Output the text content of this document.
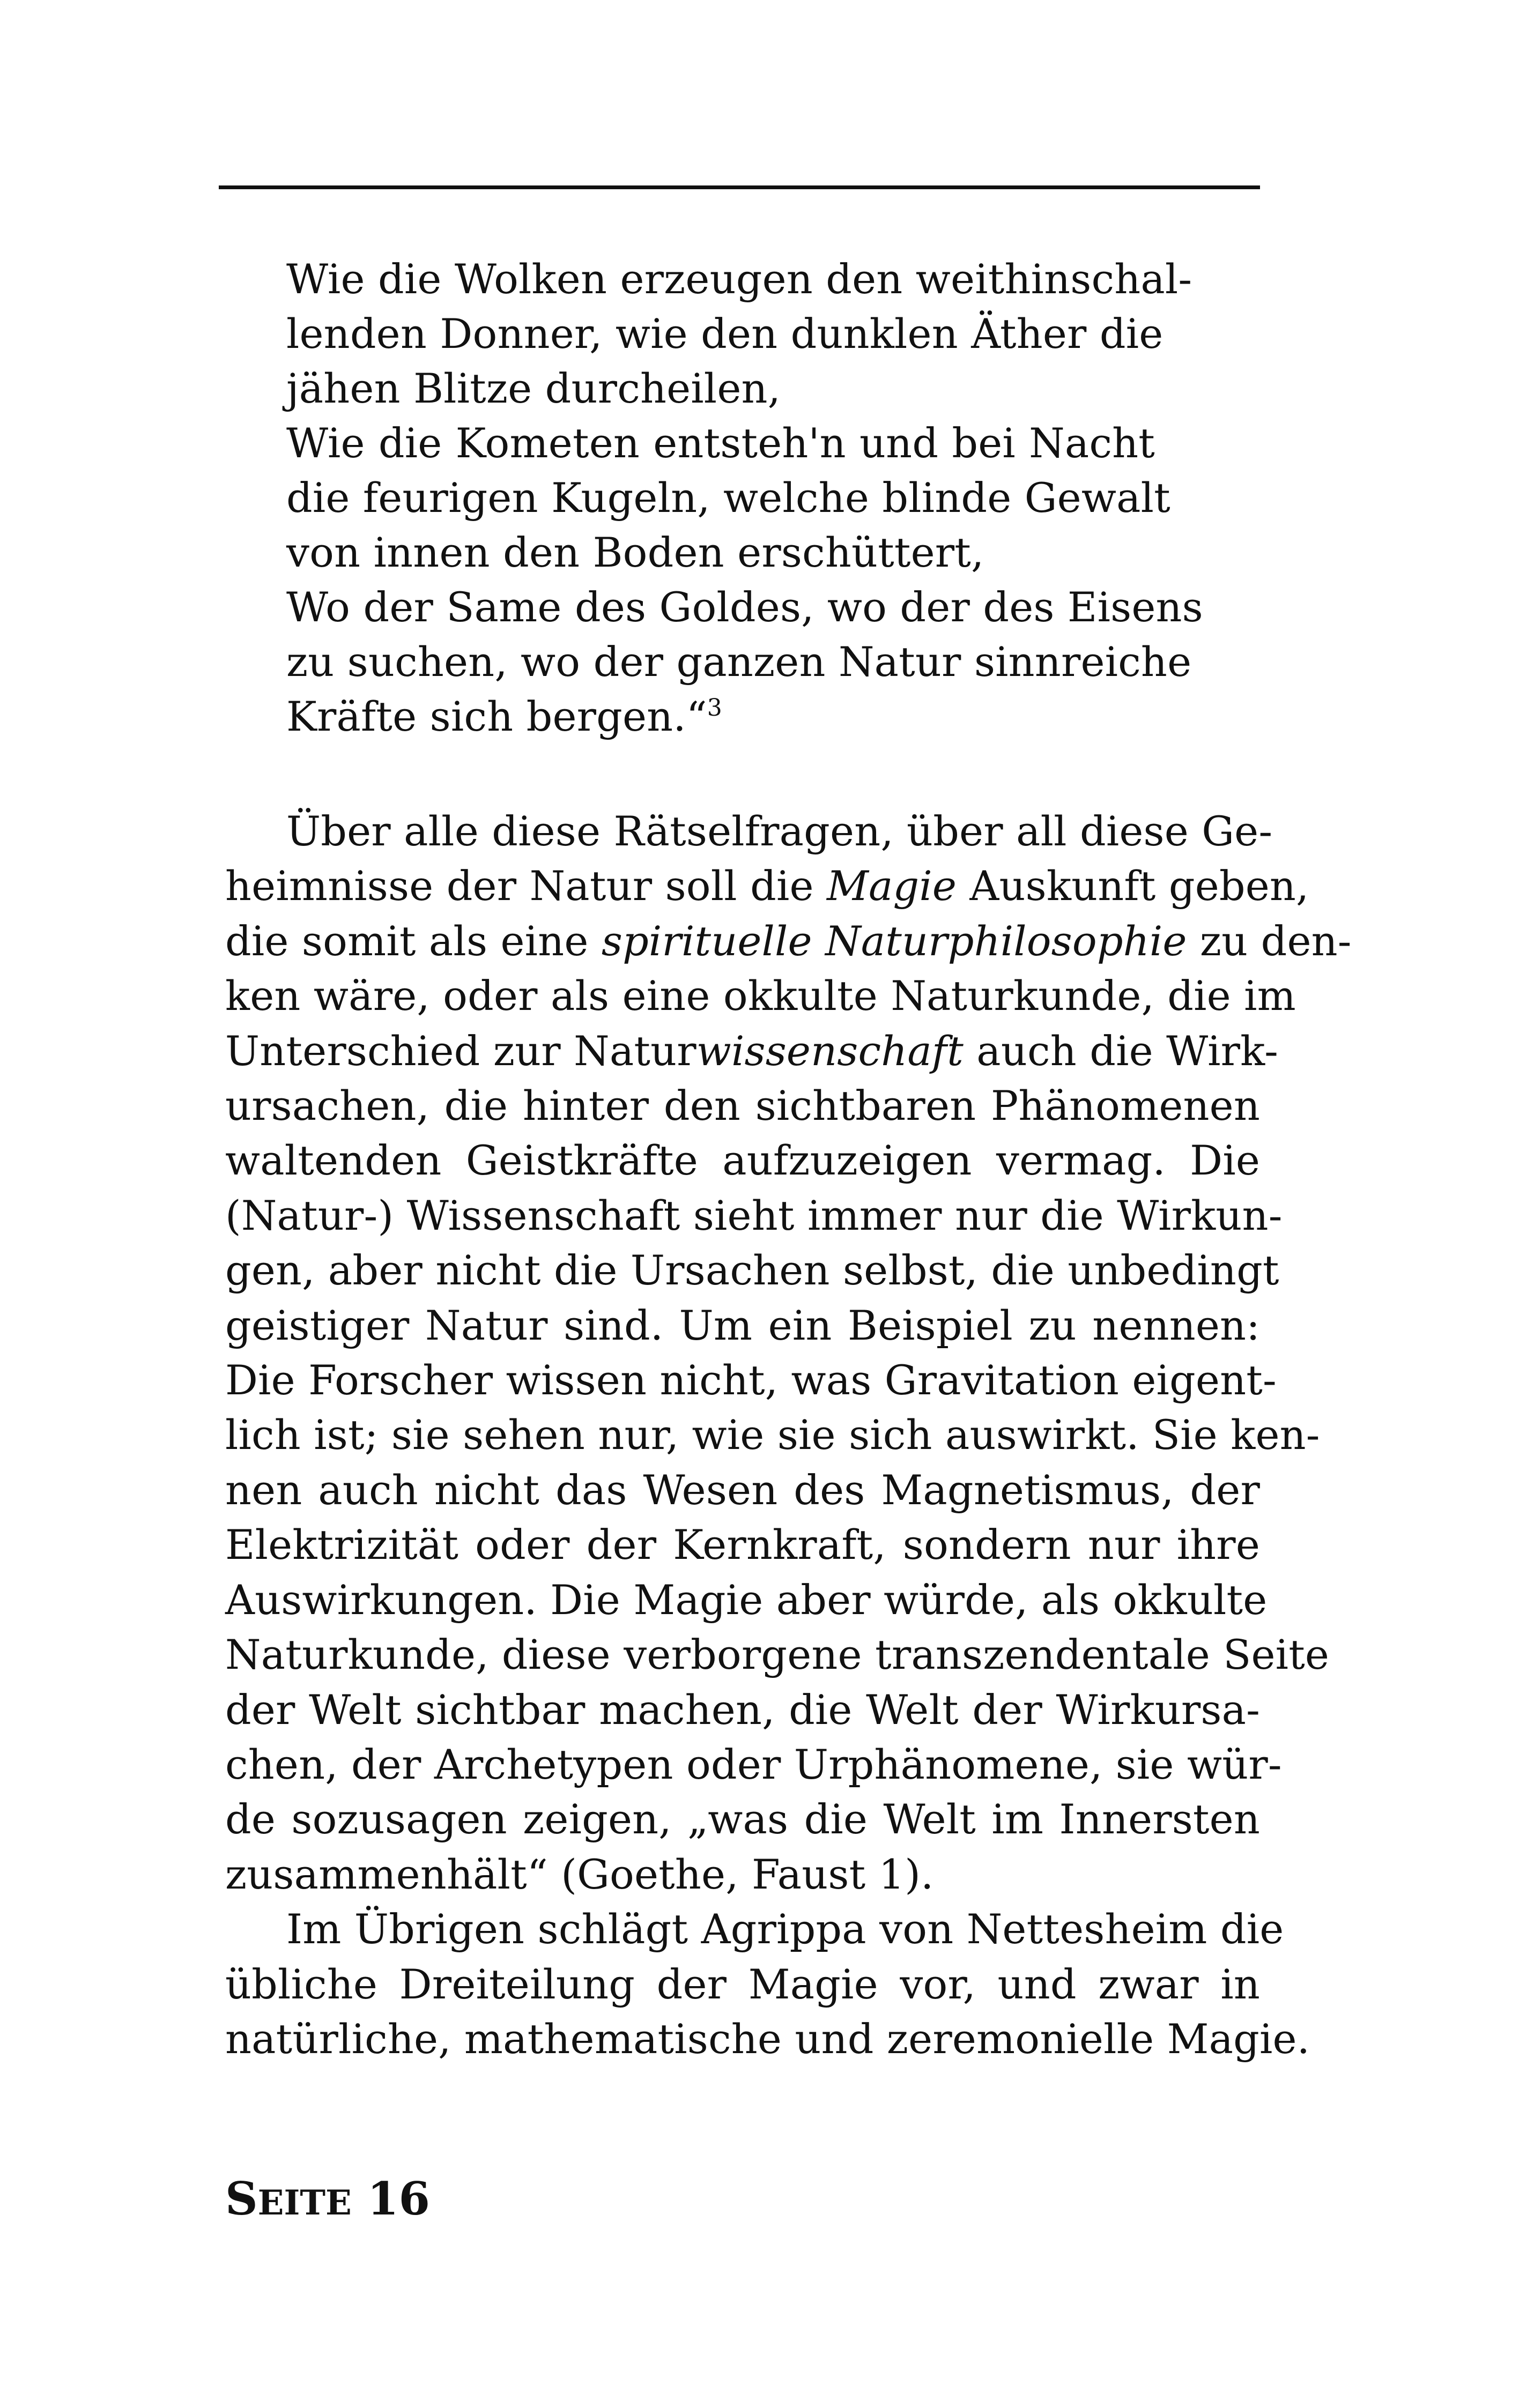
Wie die Wolken erzeugen den weithinschal-
lenden Donner, wie den dunklen Äther die
jähen Blitze durcheilen,
Wie die Kometen entsteh'n und bei Nacht
die feurigen Kugeln, welche blinde Gewalt
von innen den Boden erschüttert,
Wo der Same des Goldes, wo der des Eisens
zu suchen, wo der ganzen Natur sinnreiche
Kräfte sich bergen.“$^3$
Über alle diese Rätselfragen, über all diese Ge-
heimnisse der Natur soll die Magie Auskunft geben,
die somit als eine spirituelle Naturphilosophie zu den-
ken wäre, oder als eine okkulte Naturkunde, die im
Unterschied zur Naturwissenschaft auch die Wirk-
ursachen, die hinter den sichtbaren Phänomenen
waltenden Geistkräfte aufzuzeigen vermag. Die
(Natur-) Wissenschaft sieht immer nur die Wirkun-
gen, aber nicht die Ursachen selbst, die unbedingt
geistiger Natur sind. Um ein Beispiel zu nennen:
Die Forscher wissen nicht, was Gravitation eigent-
lich ist; sie sehen nur, wie sie sich auswirkt. Sie ken-
nen auch nicht das Wesen des Magnetismus, der
Elektrizität oder der Kernkraft, sondern nur ihre
Auswirkungen. Die Magie aber würde, als okkulte
Naturkunde, diese verborgene transzendentale Seite
der Welt sichtbar machen, die Welt der Wirkursa-
chen, der Archetypen oder Urphänomene, sie wür-
de sozusagen zeigen, „was die Welt im Innersten
zusammenhält“ (Goethe, Faust 1).
Im Übrigen schlägt Agrippa von Nettesheim die
übliche Dreiteilung der Magie vor, und zwar in
natürliche, mathematische und zeremonielle Magie.
SEITE 16
